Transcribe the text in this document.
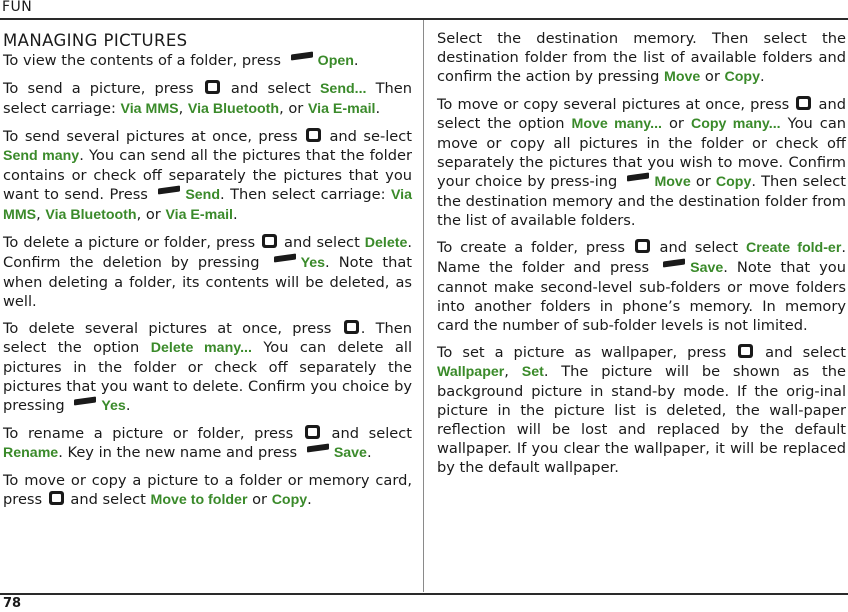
FUN
MANAGING PICTURES

To view the contents of a folder, press Open.

To send a picture, press  and select Send... Then select carriage: Via MMS, Via Bluetooth, or Via E-mail.

To send several pictures at once, press  and se-lect Send many. You can send all the pictures that the folder contains or check off separately the pictures that you want to send. Press Send. Then select carriage: Via MMS, Via Bluetooth, or Via E-mail.

To delete a picture or folder, press  and select Delete. Confirm the deletion by pressing Yes. Note that when deleting a folder, its contents will be deleted, as well.

To delete several pictures at once, press . Then select the option Delete many... You can delete all pictures in the folder or check off separately the pictures that you want to delete. Confirm you choice by pressing Yes.

To rename a picture or folder, press  and select Rename. Key in the new name and press Save.

To move or copy a picture to a folder or memory card, press  and select Move to folder or Copy.

Select the destination memory. Then select the destination folder from the list of available folders and confirm the action by pressing Move or Copy.

To move or copy several pictures at once, press  and select the option Move many... or Copy many... You can move or copy all pictures in the folder or check off separately the pictures that you wish to move. Confirm your choice by press-ing Move or Copy. Then select the destination memory and the destination folder from the list of available folders.

To create a folder, press  and select Create fold-er. Name the folder and press Save. Note that you cannot make second-level sub-folders or move folders into another folders in phone’s memory. In memory card the number of sub-folder levels is not limited.

To set a picture as wallpaper, press  and select Wallpaper, Set. The picture will be shown as the background picture in stand-by mode. If the orig-inal picture in the picture list is deleted, the wall-paper reflection will be lost and replaced by the default wallpaper. If you clear the wallpaper, it will be replaced by the default wallpaper.

78
